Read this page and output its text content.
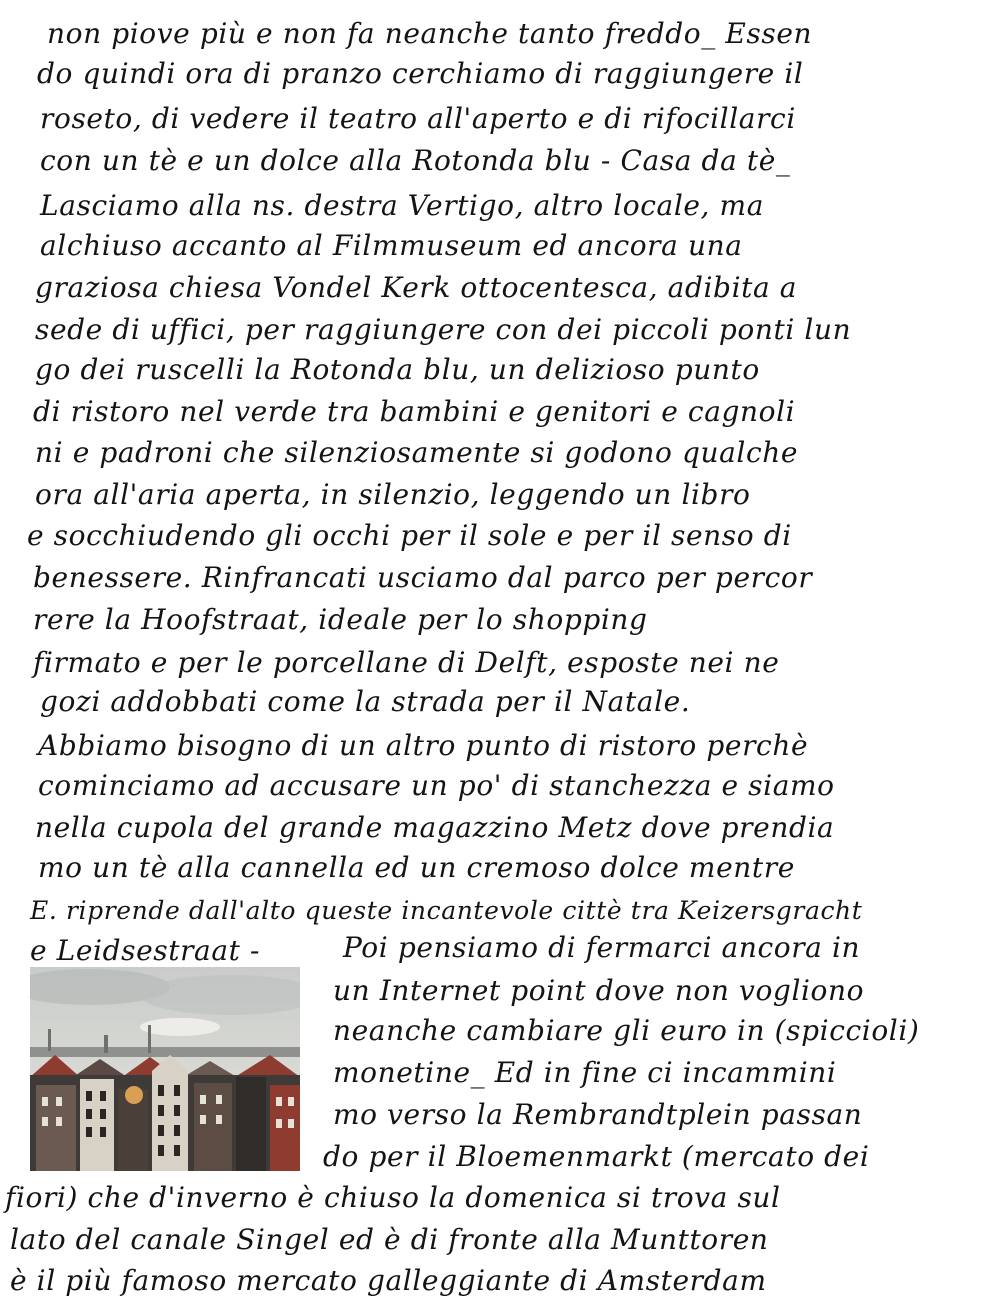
non piove più e non fa neanche tanto freddo_ Essen
do quindi ora di pranzo cerchiamo di raggiungere il
roseto, di vedere il teatro all'aperto e di rifocillarci
con un tè e un dolce alla Rotonda blu - Casa da tè_
Lasciamo alla ns. destra Vertigo, altro locale, ma
alchiuso accanto al Filmmuseum ed ancora una
graziosa chiesa Vondel Kerk ottocentesca, adibita a
sede di uffici, per raggiungere con dei piccoli ponti lun
go dei ruscelli la Rotonda blu, un delizioso punto
di ristoro nel verde tra bambini e genitori e cagnoli
ni e padroni che silenziosamente si godono qualche
ora all'aria aperta, in silenzio, leggendo un libro
e socchiudendo gli occhi per il sole e per il senso di
benessere. Rinfrancati usciamo dal parco per percor
rere la Hoofstraat, ideale per lo shopping
firmato e per le porcellane di Delft, esposte nei ne
gozi addobbati come la strada per il Natale.
Abbiamo bisogno di un altro punto di ristoro perchè
cominciamo ad accusare un po' di stanchezza e siamo
nella cupola del grande magazzino Metz dove prendia
mo un tè alla cannella ed un cremoso dolce mentre
E. riprende dall'alto queste incantevole cittè tra Keizersgracht
e Leidsestraat -	Poi pensiamo di fermarci ancora in
un Internet point dove non vogliono
neanche cambiare gli euro in (spiccioli)
monetine_ Ed in fine ci incammini
mo verso la Rembrandtplein passan
do per il Bloemenmarkt (mercato dei
fiori) che d'inverno è chiuso la domenica si trova sul
lato del canale Singel ed è di fronte alla Munttoren
è il più famoso mercato galleggiante di Amsterdam
